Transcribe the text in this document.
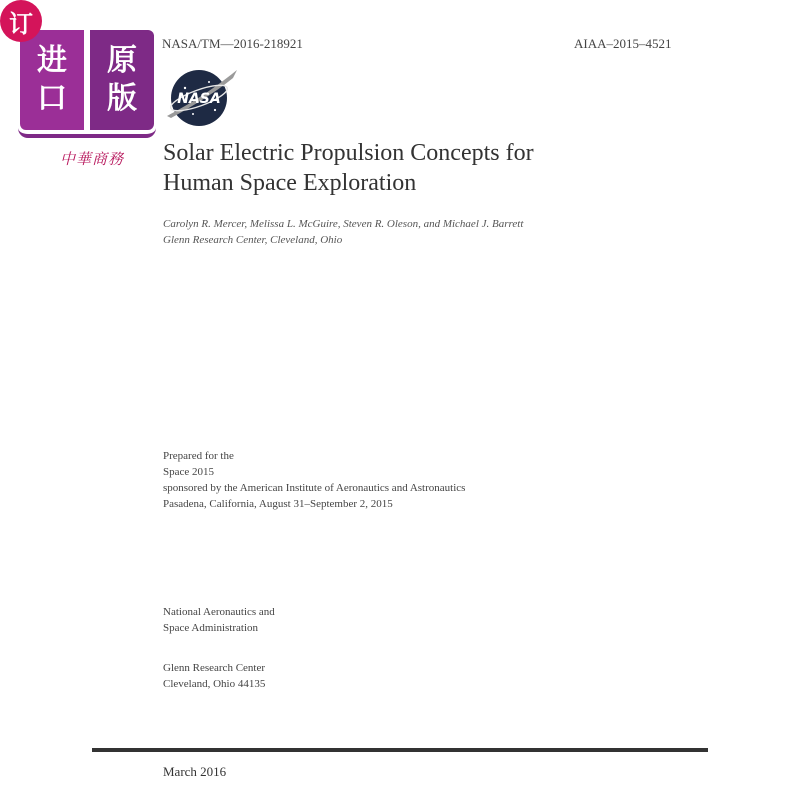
订
进
口
原
版
中華商務
NASA/TM—2016-218921	AIAA–2015–4521
NASA
Solar Electric Propulsion Concepts for
Human Space Exploration
Carolyn R. Mercer, Melissa L. McGuire, Steven R. Oleson, and Michael J. Barrett
Glenn Research Center, Cleveland, Ohio
Prepared for the
Space 2015
sponsored by the American Institute of Aeronautics and Astronautics
Pasadena, California, August 31–September 2, 2015
National Aeronautics and
Space Administration
Glenn Research Center
Cleveland, Ohio 44135
March 2016
